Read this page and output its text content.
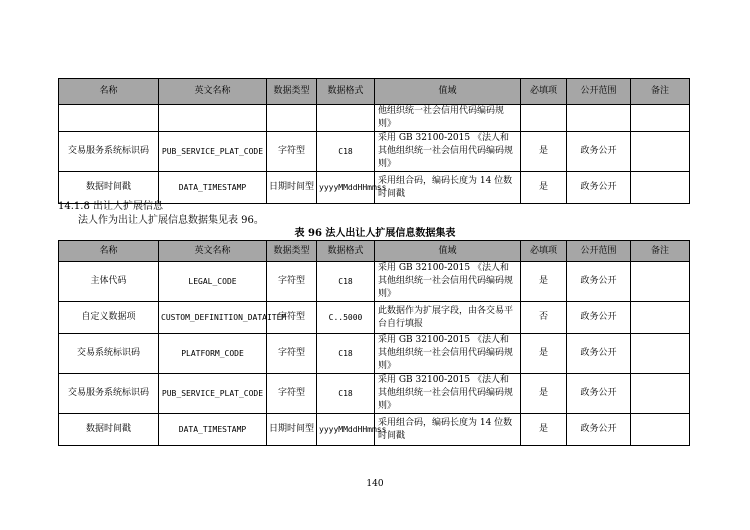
名称	英文名称	数据类型	数据格式	值域	必填项	公开范围	备注
				他组织统一社会信用代码编码规则》			
交易服务系统标识码	PUB_SERVICE_PLAT_CODE	字符型	C18	采用 GB 32100-2015 《法人和其他组织统一社会信用代码编码规则》	是	政务公开	
数据时间戳	DATA_TIMESTAMP	日期时间型	yyyyMMddHHmmss	采用组合码，编码长度为 14 位数时间戳	是	政务公开	
14.1.8 出让人扩展信息
法人作为出让人扩展信息数据集见表 96。
表 96 法人出让人扩展信息数据集表
名称	英文名称	数据类型	数据格式	值域	必填项	公开范围	备注
主体代码	LEGAL_CODE	字符型	C18	采用 GB 32100-2015 《法人和其他组织统一社会信用代码编码规则》	是	政务公开	
自定义数据项	CUSTOM_DEFINITION_DATAITEM	字符型	C..5000	此数据作为扩展字段，由各交易平台自行填报	否	政务公开	
交易系统标识码	PLATFORM_CODE	字符型	C18	采用 GB 32100-2015 《法人和其他组织统一社会信用代码编码规则》	是	政务公开	
交易服务系统标识码	PUB_SERVICE_PLAT_CODE	字符型	C18	采用 GB 32100-2015 《法人和其他组织统一社会信用代码编码规则》	是	政务公开	
数据时间戳	DATA_TIMESTAMP	日期时间型	yyyyMMddHHmmss	采用组合码，编码长度为 14 位数时间戳	是	政务公开	
140
